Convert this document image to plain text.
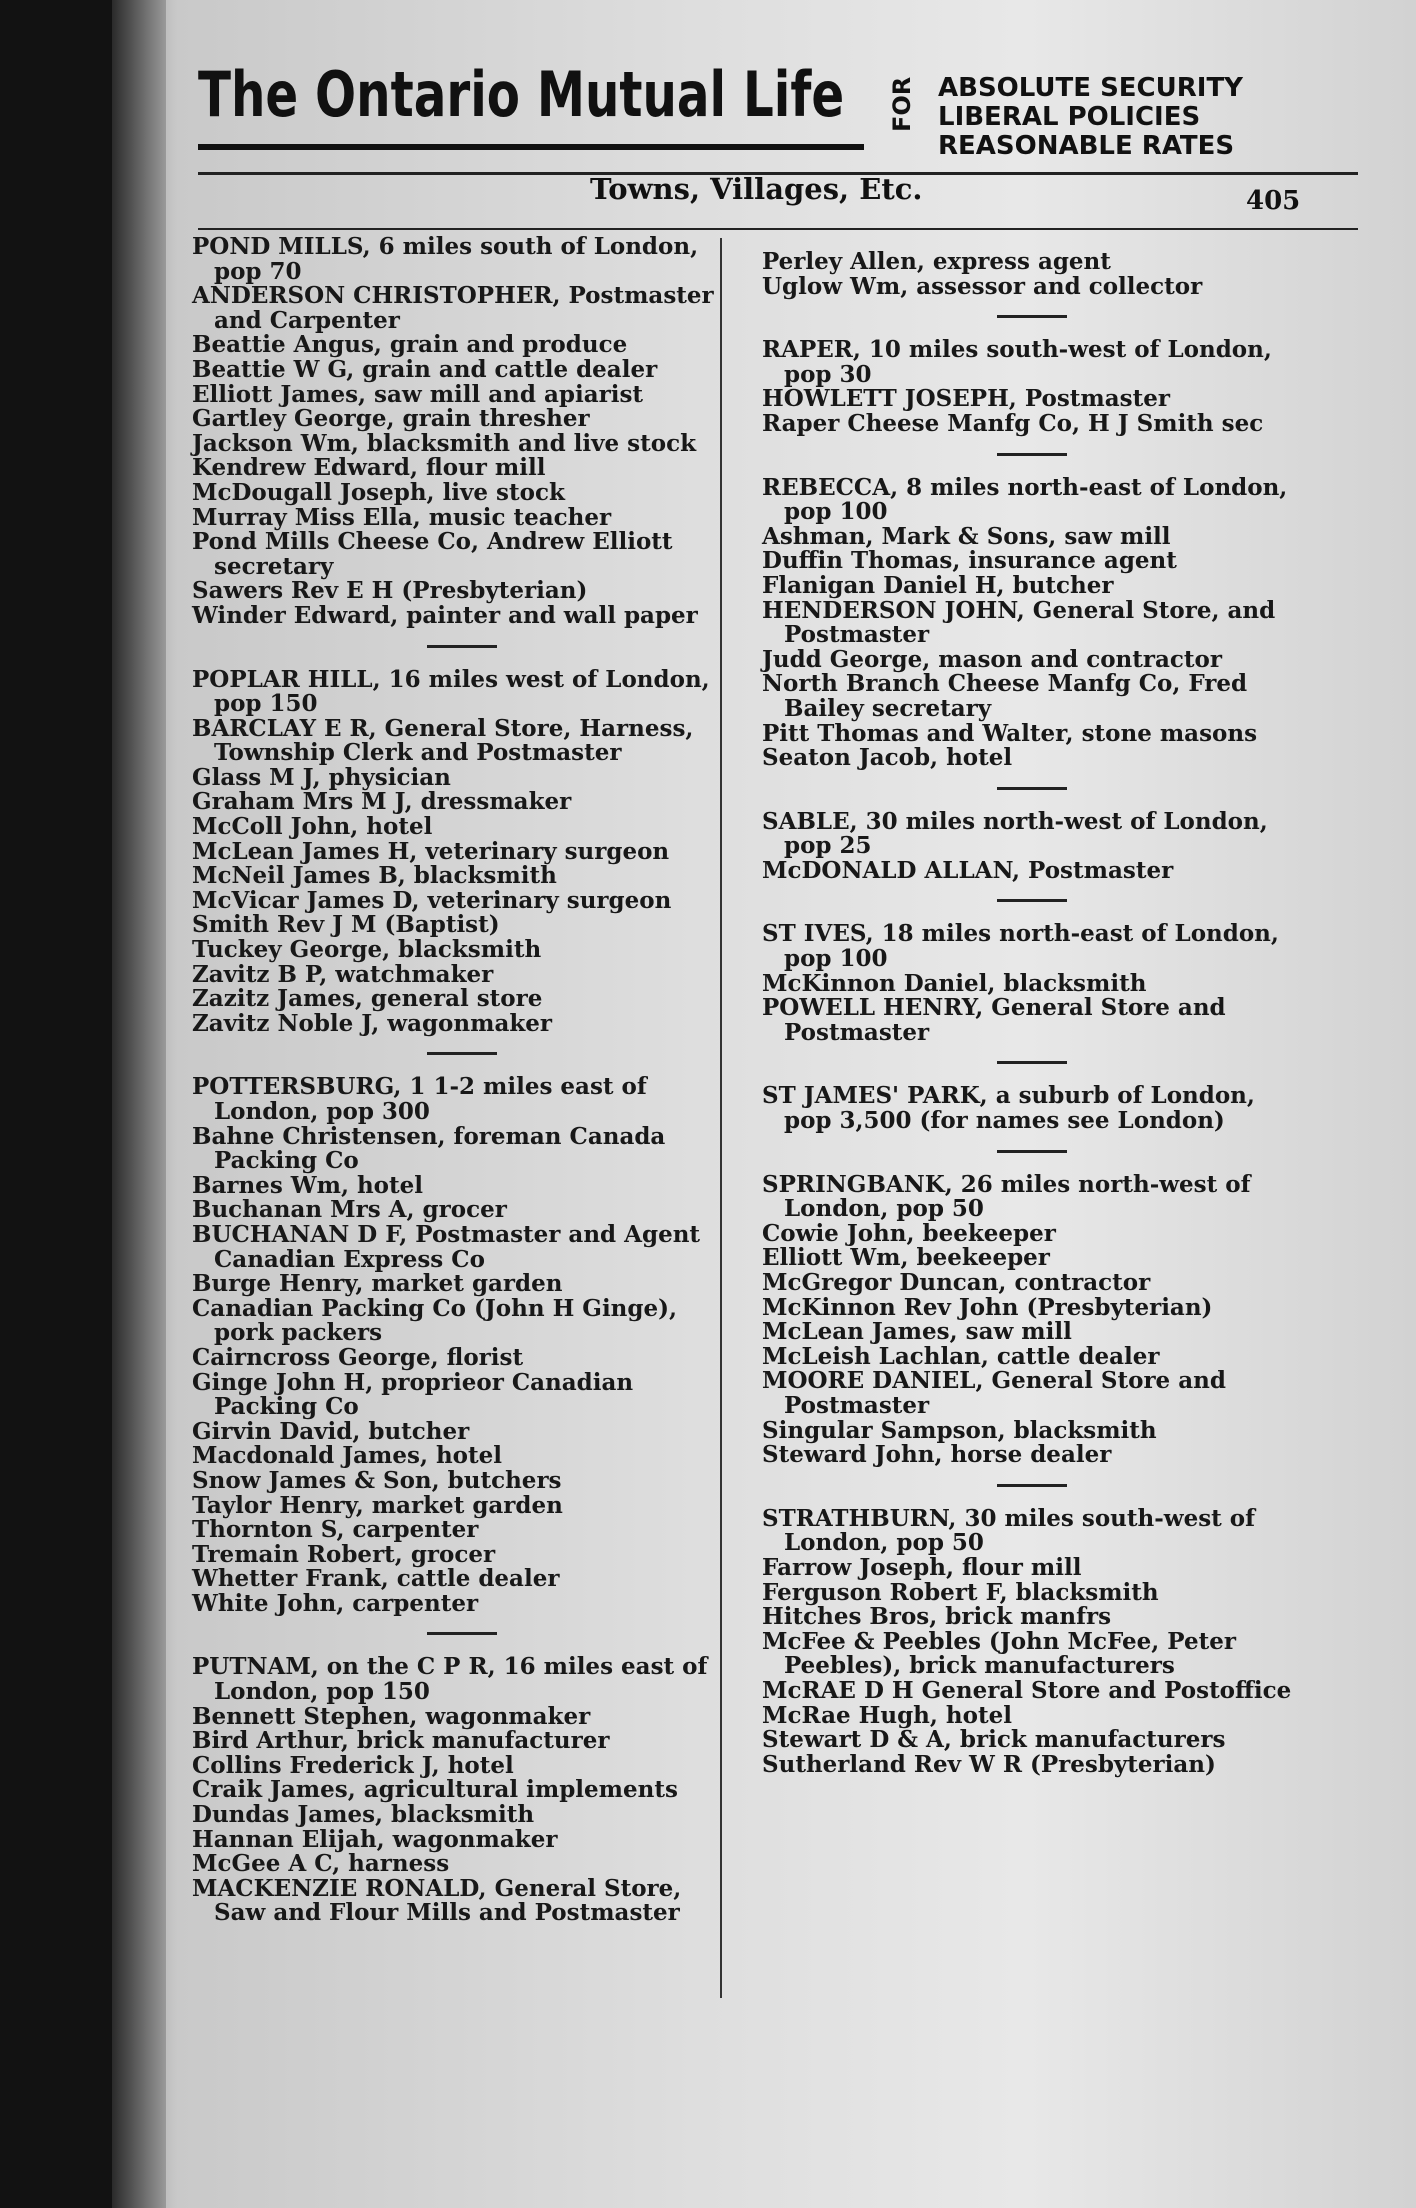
The Ontario Mutual Life FOR ABSOLUTE SECURITY
LIBERAL POLICIES
REASONABLE RATES
Towns, Villages, Etc.	405
POND MILLS, 6 miles south of London, pop 70
ANDERSON CHRISTOPHER, Postmaster and Carpenter
Beattie Angus, grain and produce
Beattie W G, grain and cattle dealer
Elliott James, saw mill and apiarist
Gartley George, grain thresher
Jackson Wm, blacksmith and live stock
Kendrew Edward, flour mill
McDougall Joseph, live stock
Murray Miss Ella, music teacher
Pond Mills Cheese Co, Andrew Elliott secretary
Sawers Rev E H (Presbyterian)
Winder Edward, painter and wall paper
POPLAR HILL, 16 miles west of London, pop 150
BARCLAY E R, General Store, Harness, Township Clerk and Postmaster
Glass M J, physician
Graham Mrs M J, dressmaker
McColl John, hotel
McLean James H, veterinary surgeon
McNeil James B, blacksmith
McVicar James D, veterinary surgeon
Smith Rev J M (Baptist)
Tuckey George, blacksmith
Zavitz B P, watchmaker
Zazitz James, general store
Zavitz Noble J, wagonmaker
POTTERSBURG, 1 1-2 miles east of London, pop 300
Bahne Christensen, foreman Canada Packing Co
Barnes Wm, hotel
Buchanan Mrs A, grocer
BUCHANAN D F, Postmaster and Agent Canadian Express Co
Burge Henry, market garden
Canadian Packing Co (John H Ginge), pork packers
Cairncross George, florist
Ginge John H, proprieor Canadian Packing Co
Girvin David, butcher
Macdonald James, hotel
Snow James & Son, butchers
Taylor Henry, market garden
Thornton S, carpenter
Tremain Robert, grocer
Whetter Frank, cattle dealer
White John, carpenter
PUTNAM, on the C P R, 16 miles east of London, pop 150
Bennett Stephen, wagonmaker
Bird Arthur, brick manufacturer
Collins Frederick J, hotel
Craik James, agricultural implements
Dundas James, blacksmith
Hannan Elijah, wagonmaker
McGee A C, harness
MACKENZIE RONALD, General Store, Saw and Flour Mills and Postmaster
Perley Allen, express agent
Uglow Wm, assessor and collector
RAPER, 10 miles south-west of London, pop 30
HOWLETT JOSEPH, Postmaster
Raper Cheese Manfg Co, H J Smith sec
REBECCA, 8 miles north-east of London, pop 100
Ashman, Mark & Sons, saw mill
Duffin Thomas, insurance agent
Flanigan Daniel H, butcher
HENDERSON JOHN, General Store, and Postmaster
Judd George, mason and contractor
North Branch Cheese Manfg Co, Fred Bailey secretary
Pitt Thomas and Walter, stone masons
Seaton Jacob, hotel
SABLE, 30 miles north-west of London, pop 25
McDONALD ALLAN, Postmaster
ST IVES, 18 miles north-east of London, pop 100
McKinnon Daniel, blacksmith
POWELL HENRY, General Store and Postmaster
ST JAMES' PARK, a suburb of London, pop 3,500 (for names see London)
SPRINGBANK, 26 miles north-west of London, pop 50
Cowie John, beekeeper
Elliott Wm, beekeeper
McGregor Duncan, contractor
McKinnon Rev John (Presbyterian)
McLean James, saw mill
McLeish Lachlan, cattle dealer
MOORE DANIEL, General Store and Postmaster
Singular Sampson, blacksmith
Steward John, horse dealer
STRATHBURN, 30 miles south-west of London, pop 50
Farrow Joseph, flour mill
Ferguson Robert F, blacksmith
Hitches Bros, brick manfrs
McFee & Peebles (John McFee, Peter Peebles), brick manufacturers
McRAE D H General Store and Postoffice
McRae Hugh, hotel
Stewart D & A, brick manufacturers
Sutherland Rev W R (Presbyterian)
